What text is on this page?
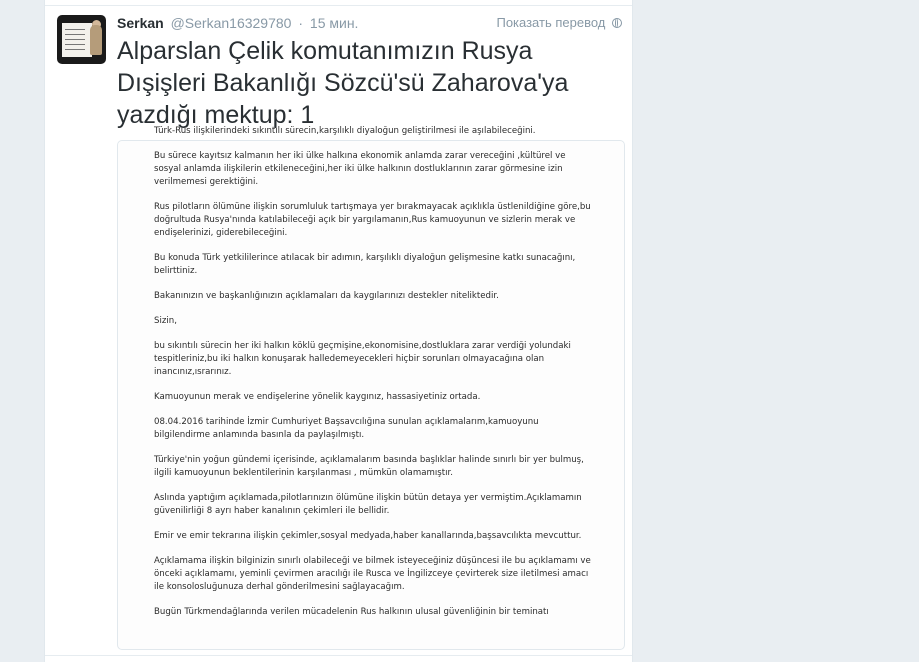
Serkan @Serkan16329780 · 15 мин.	Показать перевод

Alparslan Çelik komutanımızın Rusya Dışişleri Bakanlığı Sözcü'sü Zaharova'ya yazdığı mektup: 1

Türk-Rus ilişkilerindeki sıkıntılı sürecin,karşılıklı diyaloğun geliştirilmesi ile aşılabileceğini.

Bu sürece kayıtsız kalmanın her iki ülke halkına ekonomik anlamda zarar vereceğini ,kültürel ve sosyal anlamda ilişkilerin etkileneceğini,her iki ülke halkının dostluklarının zarar görmesine izin verilmemesi gerektiğini.

Rus pilotların ölümüne ilişkin sorumluluk tartışmaya yer bırakmayacak açıklıkla üstlenildiğine göre,bu doğrultuda Rusya'nında katılabileceği açık bir yargılamanın,Rus kamuoyunun ve sizlerin merak ve endişelerinizi, giderebileceğini.

Bu konuda Türk yetkililerince atılacak bir adımın, karşılıklı diyaloğun gelişmesine katkı sunacağını, belirttiniz.

Bakanınızın ve başkanlığınızın açıklamaları da kaygılarınızı destekler niteliktedir.

Sizin,

bu sıkıntılı sürecin her iki halkın köklü geçmişine,ekonomisine,dostluklara zarar verdiği yolundaki tespitleriniz,bu iki halkın konuşarak halledemeyecekleri hiçbir sorunları olmayacağına olan inancınız,ısrarınız.

Kamuoyunun merak ve endişelerine yönelik kaygınız, hassasiyetiniz ortada.

08.04.2016 tarihinde İzmir Cumhuriyet Başsavcılığına sunulan açıklamalarım,kamuoyunu bilgilendirme anlamında basınla da paylaşılmıştı.

Türkiye'nin yoğun gündemi içerisinde, açıklamalarım basında başlıklar halinde sınırlı bir yer bulmuş, ilgili kamuoyunun beklentilerinin karşılanması , mümkün olamamıştır.

Aslında yaptığım açıklamada,pilotlarınızın ölümüne ilişkin bütün detaya yer vermiştim.Açıklamamın güvenilirliği 8 ayrı haber kanalının çekimleri ile bellidir.

Emir ve emir tekrarına ilişkin çekimler,sosyal medyada,haber kanallarında,başsavcılıkta mevcuttur.

Açıklamama ilişkin bilginizin sınırlı olabileceği ve bilmek isteyeceğiniz düşüncesi ile bu açıklamamı ve önceki açıklamamı, yeminli çevirmen aracılığı ile Rusca ve İngilizceye çevirterek size iletilmesi amacı ile konsolosluğunuza derhal gönderilmesini sağlayacağım.

Bugün Türkmendağlarında verilen mücadelenin Rus halkının ulusal güvenliğinin bir teminatı
